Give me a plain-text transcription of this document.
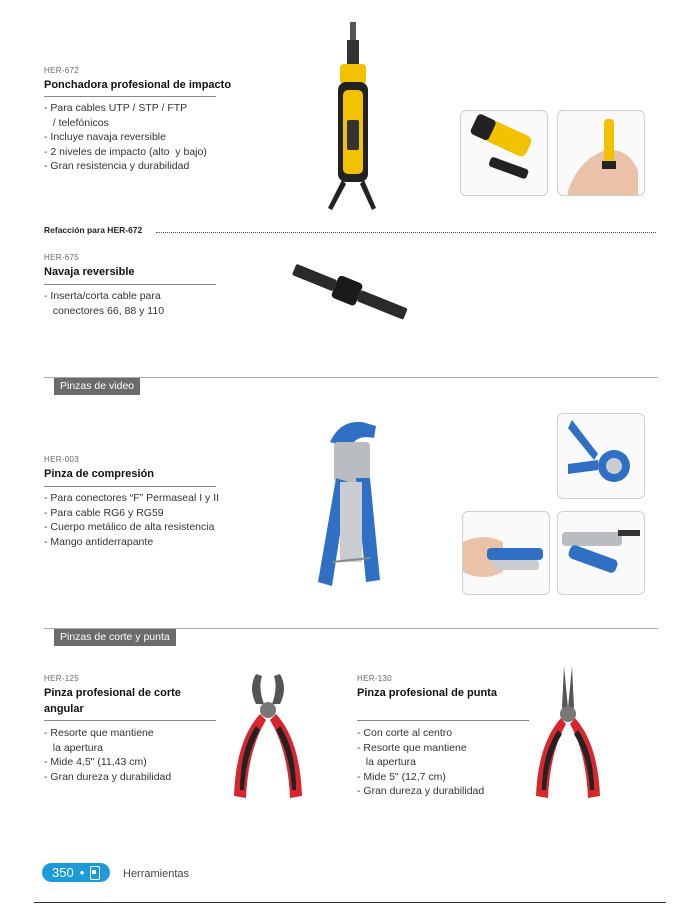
HER-672
Ponchadora profesional de impacto
- Para cables UTP / STP / FTP
/ telefónicos
- Incluye navaja reversible
- 2 niveles de impacto (alto  y bajo)
- Gran resistencia y durabilidad
Refacción para HER-672
HER-675
Navaja reversible
- Inserta/corta cable para
conectores 66, 88 y 110
Pinzas de video
HER-003
Pinza de compresión
- Para conectores “F” Permaseal I y II
- Para cable RG6 y RG59
- Cuerpo metálico de alta resistencia
- Mango antiderrapante
Pinzas de corte y punta
HER-125
Pinza profesional de corte
angular
- Resorte que mantiene
la apertura
- Mide 4,5" (11,43 cm)
- Gran dureza y durabilidad
HER-130
Pinza profesional de punta
- Con corte al centro
- Resorte que mantiene
la apertura
- Mide 5" (12,7 cm)
- Gran dureza y durabilidad
350 •	Herramientas
